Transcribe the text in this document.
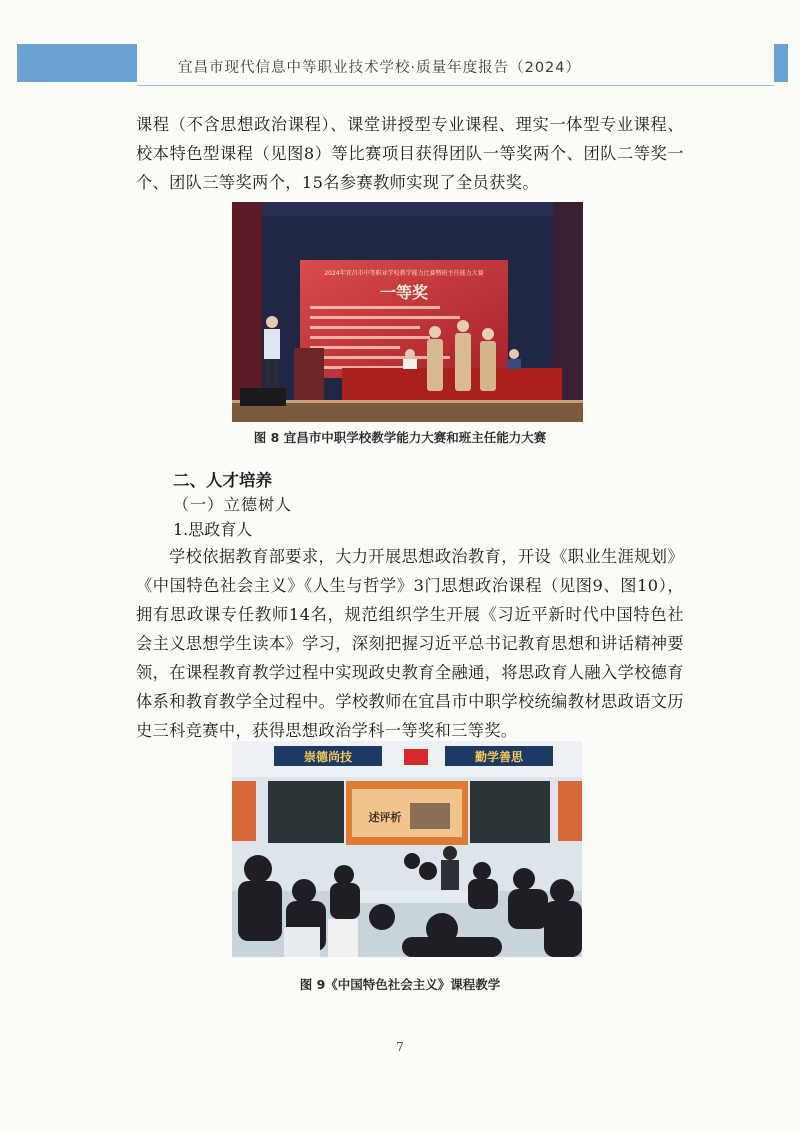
宜昌市现代信息中等职业技术学校·质量年度报告（2024）

课程（不含思想政治课程）、课堂讲授型专业课程、理实一体型专业课程、校本特色型课程（见图8）等比赛项目获得团队一等奖两个、团队二等奖一个、团队三等奖两个，15名参赛教师实现了全员获奖。

2024年宜昌市中等职业学校教学能力比赛暨班主任能力大赛
一等奖
图 8 宜昌市中职学校教学能力大赛和班主任能力大赛
二、人才培养
（一）立德树人
1.思政育人

学校依据教育部要求，大力开展思想政治教育，开设《职业生涯规划》《中国特色社会主义》《人生与哲学》3门思想政治课程（见图9、图10），拥有思政课专任教师14名，规范组织学生开展《习近平新时代中国特色社会主义思想学生读本》学习，深刻把握习近平总书记教育思想和讲话精神要领，在课程教育教学过程中实现政史教育全融通，将思政育人融入学校德育体系和教育教学全过程中。学校教师在宜昌市中职学校统编教材思政语文历史三科竞赛中，获得思想政治学科一等奖和三等奖。

崇德尚技	勤学善思
述评析
图 9《中国特色社会主义》课程教学
7
